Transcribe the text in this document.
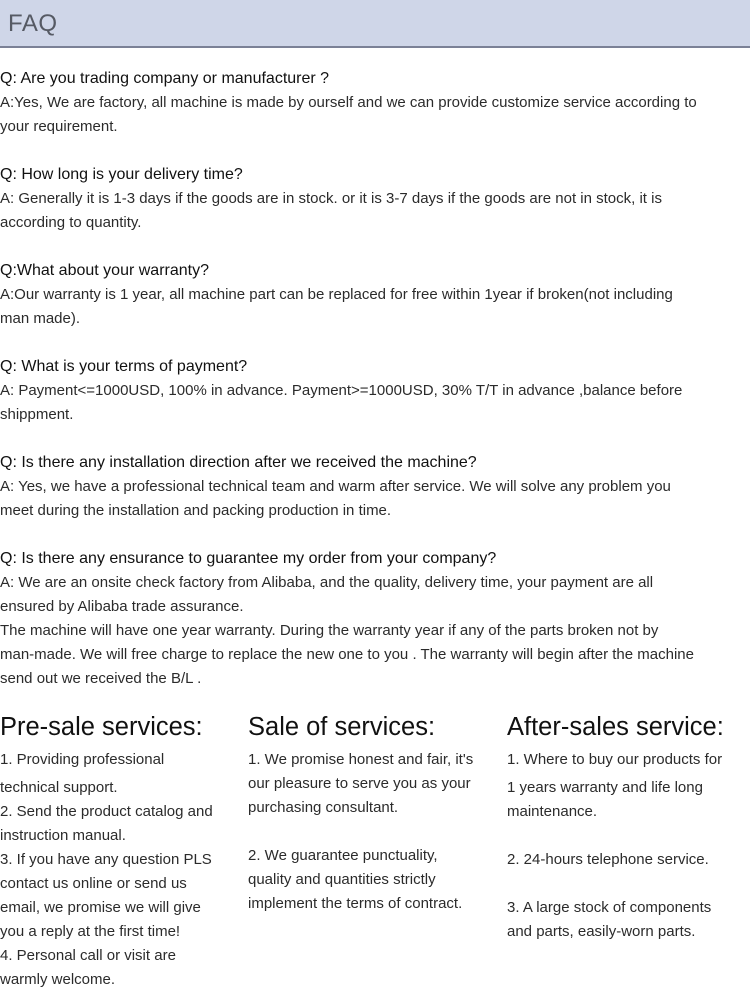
FAQ
Q: Are you trading company or manufacturer ?
A:Yes, We are factory, all machine is made by ourself and we can provide customize service according to
your requirement.
Q: How long is your delivery time?
A: Generally it is 1-3 days if the goods are in stock. or it is 3-7 days if the goods are not in stock, it is
according to quantity.
Q:What about your warranty?
A:Our warranty is 1 year, all machine part can be replaced for free within 1year if broken(not including
man made).
Q: What is your terms of payment?
A: Payment<=1000USD, 100% in advance. Payment>=1000USD, 30% T/T in advance ,balance before
shippment.
Q: Is there any installation direction after we received the machine?
A: Yes, we have a professional technical team and warm after service. We will solve any problem you
meet during the installation and packing production in time.
Q: Is there any ensurance to guarantee my order from your company?
A: We are an onsite check factory from Alibaba, and the quality, delivery time, your payment are all
ensured by Alibaba trade assurance.
The machine will have one year warranty. During the warranty year if any of the parts broken not by
man-made. We will free charge to replace the new one to you . The warranty will begin after the machine
send out we received the B/L .
Pre-sale services:
1. Providing professional
technical support.
2. Send the product catalog and
instruction manual.
3. If you have any question PLS
contact us online or send us
email, we promise we will give
you a reply at the first time!
4. Personal call or visit are
warmly welcome.
Sale of services:
1. We promise honest and fair, it's
our pleasure to serve you as your
purchasing consultant.
2. We guarantee punctuality,
quality and quantities strictly
implement the terms of contract.
After-sales service:
1. Where to buy our products for
1 years warranty and life long
maintenance.
2. 24-hours telephone service.
3. A large stock of components
and parts, easily-worn parts.
